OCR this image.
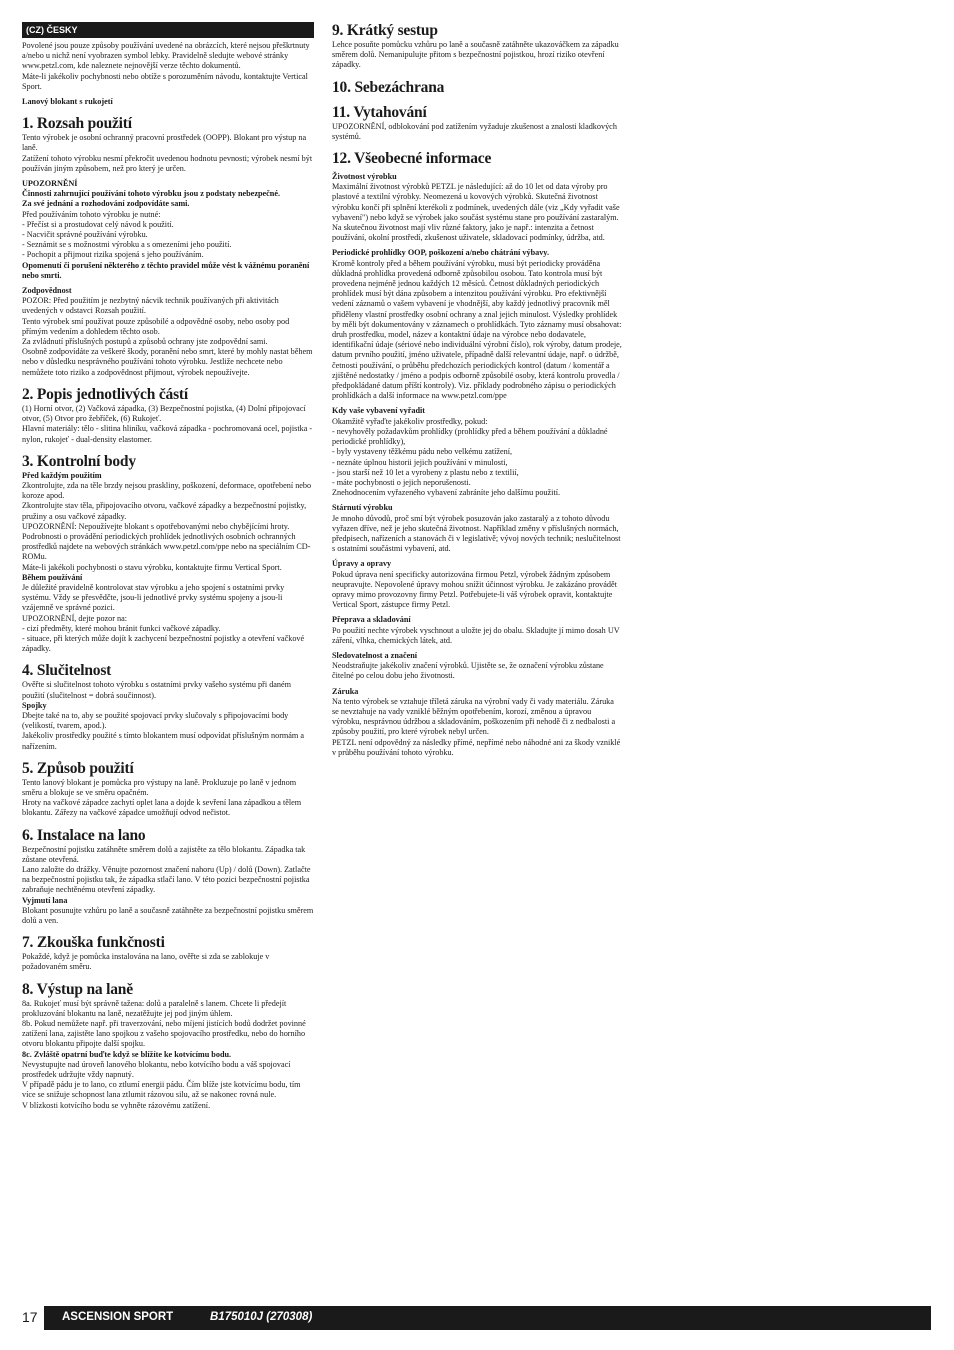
(CZ) ČESKY

Povolené jsou pouze způsoby používání uvedené na obrázcích, které nejsou přeškrtnuty a/nebo u nichž není vyobrazen symbol lebky. Pravidelně sledujte webové stránky www.petzl.com, kde naleznete nejnovější verze těchto dokumentů.

Máte-li jakékoliv pochybnosti nebo obtíže s porozuměním návodu, kontaktujte Vertical Sport.

Lanový blokant s rukojetí

1. Rozsah použití

Tento výrobek je osobní ochranný pracovní prostředek (OOPP). Blokant pro výstup na laně.

Zatížení tohoto výrobku nesmí překročit uvedenou hodnotu pevnosti; výrobek nesmí být používán jiným způsobem, než pro který je určen.

UPOZORNĚNÍ

Činnosti zahrnující používání tohoto výrobku jsou z podstaty nebezpečné.

Za své jednání a rozhodování zodpovídáte sami.

Před používáním tohoto výrobku je nutné:

- Přečíst si a prostudovat celý návod k použití.

- Nacvičit správné používání výrobku.

- Seznámit se s možnostmi výrobku a s omezeními jeho použití.

- Pochopit a přijmout rizika spojená s jeho používáním.

Opomenutí či porušení některého z těchto pravidel může vést k vážnému poranění nebo smrti.

Zodpovědnost

POZOR: Před použitím je nezbytný nácvik technik používaných při aktivitách uvedených v odstavci Rozsah použití.

Tento výrobek smí používat pouze způsobilé a odpovědné osoby, nebo osoby pod přímým vedením a dohledem těchto osob.

Za zvládnutí příslušných postupů a způsobů ochrany jste zodpovědní sami.

Osobně zodpovídáte za veškeré škody, poranění nebo smrt, které by mohly nastat během nebo v důsledku nesprávného používání tohoto výrobku. Jestliže nechcete nebo nemůžete toto riziko a zodpovědnost přijmout, výrobek nepoužívejte.

2. Popis jednotlivých částí

(1) Horní otvor, (2) Vačková západka, (3) Bezpečnostní pojistka, (4) Dolní připojovací otvor, (5) Otvor pro žebříček, (6) Rukojeť.

Hlavní materiály: tělo - slitina hliníku, vačková západka - pochromovaná ocel, pojistka - nylon, rukojeť - dual-density elastomer.

3. Kontrolní body

Před každým použitím

Zkontrolujte, zda na těle brzdy nejsou praskliny, poškození, deformace, opotřebení nebo koroze apod.

Zkontrolujte stav těla, připojovacího otvoru, vačkové západky a bezpečnostní pojistky, pružiny a osu vačkové západky.

UPOZORNĚNÍ: Nepoužívejte blokant s opotřebovanými nebo chybějícími hroty.

Podrobnosti o provádění periodických prohlídek jednotlivých osobních ochranných prostředků najdete na webových stránkách www.petzl.com/ppe nebo na speciálním CD-ROMu.

Máte-li jakékoli pochybnosti o stavu výrobku, kontaktujte firmu Vertical Sport.

Během používání

Je důležité pravidelně kontrolovat stav výrobku a jeho spojení s ostatními prvky systému. Vždy se přesvědčte, jsou-li jednotlivé prvky systému spojeny a jsou-li vzájemně ve správné pozici.

UPOZORNĚNÍ, dejte pozor na:

- cizí předměty, které mohou bránit funkci vačkové západky.

- situace, při kterých může dojít k zachycení bezpečnostní pojistky a otevření vačkové západky.

4. Slučitelnost

Ověřte si slučitelnost tohoto výrobku s ostatními prvky vašeho systému při daném použití (slučitelnost = dobrá součinnost).

Spojky

Dbejte také na to, aby se použité spojovací prvky slučovaly s připojovacími body (velikostí, tvarem, apod.).

Jakékoliv prostředky použité s tímto blokantem musí odpovídat příslušným normám a nařízením.

5. Způsob použití

Tento lanový blokant je pomůcka pro výstupy na laně. Prokluzuje po laně v jednom směru a blokuje se ve směru opačném.

Hroty na vačkové západce zachytí oplet lana a dojde k sevření lana západkou a tělem blokantu. Zářezy na vačkové západce umožňují odvod nečistot.

6. Instalace na lano

Bezpečnostní pojistku zatáhněte směrem dolů a zajistěte za tělo blokantu. Západka tak zůstane otevřená.

Lano založte do drážky. Věnujte pozornost značení nahoru (Up) / dolů (Down). Zatlačte na bezpečnostní pojistku tak, že západka stlačí lano. V této pozici bezpečnostní pojistka zabraňuje nechtěnému otevření západky.

Vyjmutí lana

Blokant posunujte vzhůru po laně a současně zatáhněte za bezpečnostní pojistku směrem dolů a ven.

7. Zkouška funkčnosti

Pokaždé, když je pomůcka instalována na lano, ověřte si zda se zablokuje v požadovaném směru.

8. Výstup na laně

8a. Rukojeť musí být správně tažena: dolů a paralelně s lanem. Chcete li předejít prokluzování blokantu na laně, nezatěžujte jej pod jiným úhlem.

8b. Pokud nemůžete např. při traverzování, nebo míjení jistících bodů dodržet povinné zatížení lana, zajistěte lano spojkou z vašeho spojovacího prostředku, nebo do horního otvoru blokantu připojte další spojku.

8c. Zvláště opatrní buďte když se blížíte ke kotvícímu bodu.

Nevystupujte nad úroveň lanového blokantu, nebo kotvícího bodu a váš spojovací prostředek udržujte vždy napnutý.

V případě pádu je to lano, co ztlumí energii pádu. Čím blíže jste kotvícímu bodu, tím více se snižuje schopnost lana ztlumit rázovou silu, až se nakonec rovná nule.

V blízkosti kotvícího bodu se vyhněte rázovému zatížení.

9. Krátký sestup

Lehce posuňte pomůcku vzhůru po laně a současně zatáhněte ukazováčkem za západku směrem dolů. Nemanipulujte přitom s bezpečnostní pojistkou, hrozí riziko otevření západky.

10. Sebezáchrana
11. Vytahování

UPOZORNĚNÍ, odblokování pod zatížením vyžaduje zkušenost a znalosti kladkových systémů.

12. Všeobecné informace
Životnost výrobku

Maximální životnost výrobků PETZL je následující: až do 10 let od data výroby pro plastové a textilní výrobky. Neomezená u kovových výrobků. Skutečná životnost výrobku končí při splnění kterékoli z podmínek, uvedených dále (viz „Kdy vyřadit vaše vybavení") nebo když se výrobek jako součást systému stane pro používání zastaralým.

Na skutečnou životnost mají vliv různé faktory, jako je např.: intenzita a četnost používání, okolní prostředí, zkušenost uživatele, skladovací podmínky, údržba, atd.

Periodické prohlídky OOP, poškození a/nebo chátrání výbavy.

Kromě kontroly před a během používání výrobku, musí být periodicky prováděna důkladná prohlídka provedená odborně způsobilou osobou. Tato kontrola musí být provedena nejméně jednou každých 12 měsíců. Četnost důkladných periodických prohlídek musí být dána způsobem a intenzitou používání výrobku. Pro efektivnější vedení záznamů o vašem vybavení je vhodnější, aby každý jednotlivý pracovník měl přiděleny vlastní prostředky osobní ochrany a znal jejich minulost. Výsledky prohlídek by měli být dokumentovány v záznamech o prohlídkách. Tyto záznamy musí obsahovat: druh prostředku, model, název a kontaktní údaje na výrobce nebo dodavatele, identifikační údaje (sériové nebo individuální výrobní číslo), rok výroby, datum prodeje, datum prvního použití, jméno uživatele, případně další relevantní údaje, např. o údržbě, četnosti používání, o průběhu předchozích periodických kontrol (datum / komentář a zjištěné nedostatky / jméno a podpis odborně způsobilé osoby, která kontrolu provedla / předpokládané datum příští kontroly). Viz. příklady podrobného zápisu o periodických prohlídkách a další informace na www.petzl.com/ppe

Kdy vaše vybavení vyřadit

Okamžitě vyřaďte jakékoliv prostředky, pokud:

- nevyhověly požadavkům prohlídky (prohlídky před a během používání a důkladné periodické prohlídky),

- byly vystaveny těžkému pádu nebo velkému zatížení,

- neznáte úplnou historii jejich používání v minulosti,

- jsou starší než 10 let a vyrobeny z plastu nebo z textilií,

- máte pochybnosti o jejich neporušenosti.

Znehodnocením vyřazeného vybavení zabráníte jeho dalšímu použití.

Stárnutí výrobku

Je mnoho důvodů, proč smí být výrobek posuzován jako zastaralý a z tohoto důvodu vyřazen dříve, než je jeho skutečná životnost. Například změny v příslušných normách, předpisech, nařízeních a stanovách či v legislativě; vývoj nových technik; neslučitelnost s ostatními součástmi vybavení, atd.

Úpravy a opravy

Pokud úprava není specificky autorizována firmou Petzl, výrobek žádným způsobem neupravujte. Nepovolené úpravy mohou snížit účinnost výrobku. Je zakázáno provádět opravy mimo provozovny firmy Petzl. Potřebujete-li váš výrobek opravit, kontaktujte Vertical Sport, zástupce firmy Petzl.

Přeprava a skladování

Po použití nechte výrobek vyschnout a uložte jej do obalu. Skladujte jí mimo dosah UV záření, vlhka, chemických látek, atd.

Sledovatelnost a značení

Neodstraňujte jakékoliv značení výrobků. Ujistěte se, že označení výrobku zůstane čitelné po celou dobu jeho životnosti.

Záruka

Na tento výrobek se vztahuje tříletá záruka na výrobní vady či vady materiálu. Záruka se nevztahuje na vady vzniklé běžným opotřebením, korozí, změnou a úpravou výrobku, nesprávnou údržbou a skladováním, poškozením při nehodě či z nedbalosti a způsoby použití, pro které výrobek nebyl určen.

PETZL není odpovědný za následky přímé, nepřímé nebo náhodné ani za škody vzniklé v průběhu používání tohoto výrobku.

17 ASCENSION SPORT	B175010J (270308)
